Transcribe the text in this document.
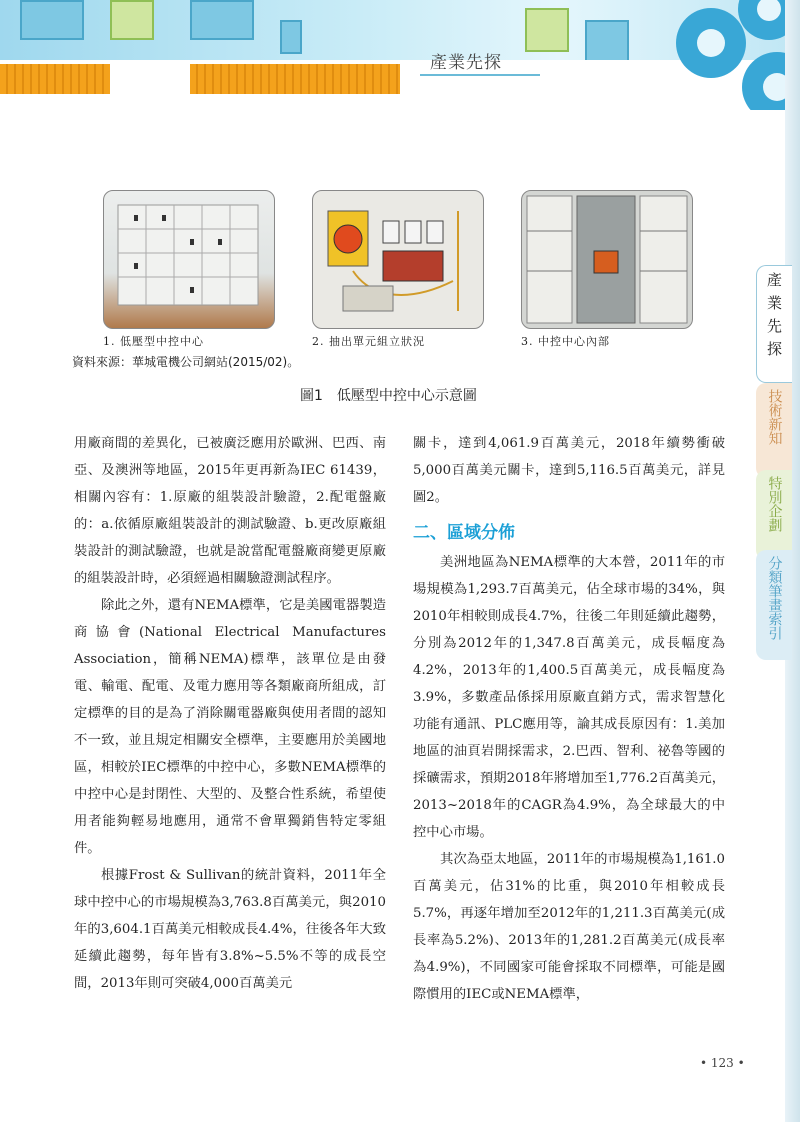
產業先探
產業先探
技術新知
特別企劃
分類筆畫索引
1. 低壓型中控中心	2. 抽出單元組立狀況	3. 中控中心內部
資料來源：華城電機公司網站(2015/02)。
圖1　低壓型中控中心示意圖

用廠商間的差異化，已被廣泛應用於歐洲、巴西、南亞、及澳洲等地區，2015年更再新為IEC 61439，相關內容有：1.原廠的組裝設計驗證，2.配電盤廠的：a.依循原廠組裝設計的測試驗證、b.更改原廠組裝設計的測試驗證，也就是說當配電盤廠商變更原廠的組裝設計時，必須經過相關驗證測試程序。

除此之外，還有NEMA標準，它是美國電器製造商協會(National Electrical Manufactures Association，簡稱NEMA)標準，該單位是由發電、輸電、配電、及電力應用等各類廠商所組成，訂定標準的目的是為了消除關電器廠與使用者間的認知不一致，並且規定相關安全標準，主要應用於美國地區，相較於IEC標準的中控中心，多數NEMA標準的中控中心是封閉性、大型的、及整合性系統，希望使用者能夠輕易地應用，通常不會單獨銷售特定零組件。

根據Frost & Sullivan的統計資料，2011年全球中控中心的市場規模為3,763.8百萬美元，與2010年的3,604.1百萬美元相較成長4.4%，往後各年大致延續此趨勢，每年皆有3.8%~5.5%不等的成長空間，2013年則可突破4,000百萬美元

關卡，達到4,061.9百萬美元，2018年續勢衝破5,000百萬美元關卡，達到5,116.5百萬美元，詳見圖2。

二、區域分佈

美洲地區為NEMA標準的大本營，2011年的市場規模為1,293.7百萬美元，佔全球市場的34%，與2010年相較則成長4.7%，往後二年則延續此趨勢，分別為2012年的1,347.8百萬美元，成長幅度為4.2%，2013年的1,400.5百萬美元，成長幅度為3.9%，多數產品係採用原廠直銷方式，需求智慧化功能有通訊、PLC應用等，論其成長原因有：1.美加地區的油頁岩開採需求，2.巴西、智利、祕魯等國的採礦需求，預期2018年將增加至1,776.2百萬美元，2013~2018年的CAGR為4.9%，為全球最大的中控中心市場。

其次為亞太地區，2011年的市場規模為1,161.0百萬美元，佔31%的比重，與2010年相較成長5.7%，再逐年增加至2012年的1,211.3百萬美元(成長率為5.2%)、2013年的1,281.2百萬美元(成長率為4.9%)，不同國家可能會採取不同標準，可能是國際慣用的IEC或NEMA標準，

• 123 •
